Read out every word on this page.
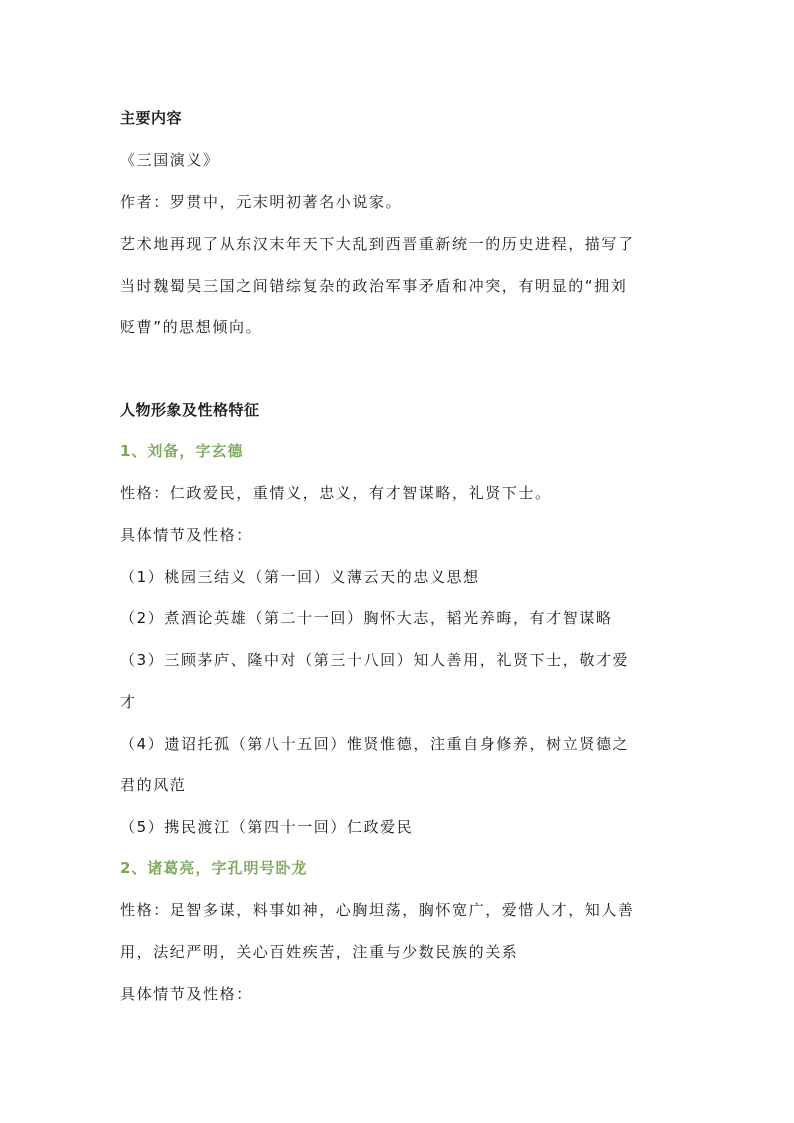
主要内容
《三国演义》
作者：罗贯中，元末明初著名小说家。
艺术地再现了从东汉末年天下大乱到西晋重新统一的历史进程，描写了
当时魏蜀吴三国之间错综复杂的政治军事矛盾和冲突，有明显的“拥刘
贬曹”的思想倾向。
人物形象及性格特征
1、刘备，字玄德
性格：仁政爱民，重情义，忠义，有才智谋略，礼贤下士。
具体情节及性格：
（1）桃园三结义（第一回）义薄云天的忠义思想
（2）煮酒论英雄（第二十一回）胸怀大志，韬光养晦，有才智谋略
（3）三顾茅庐、隆中对（第三十八回）知人善用，礼贤下士，敬才爱
才
（4）遗诏托孤（第八十五回）惟贤惟德，注重自身修养，树立贤德之
君的风范
（5）携民渡江（第四十一回）仁政爱民
2、诸葛亮，字孔明号卧龙
性格：足智多谋，料事如神，心胸坦荡，胸怀宽广，爱惜人才，知人善
用，法纪严明，关心百姓疾苦，注重与少数民族的关系
具体情节及性格：
